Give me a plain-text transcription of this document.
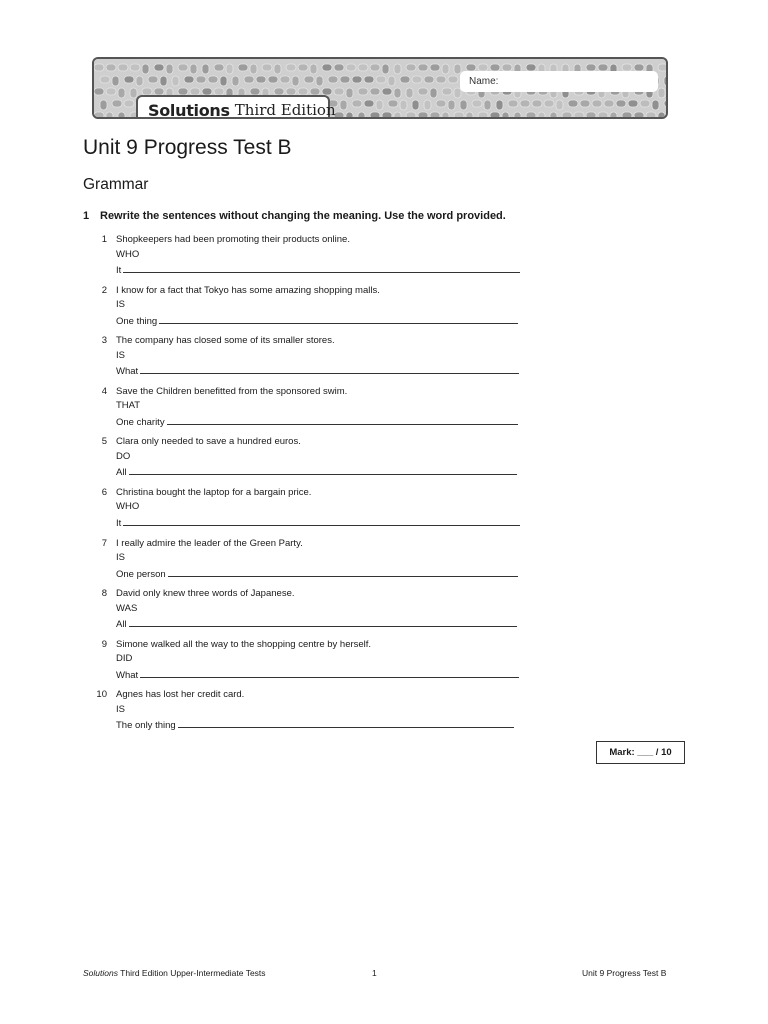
Solutions Third Edition
Name:
Unit 9 Progress Test B
Grammar
1 Rewrite the sentences without changing the meaning. Use the word provided.
1 Shopkeepers had been promoting their products online.
WHO
It
2 I know for a fact that Tokyo has some amazing shopping malls.
IS
One thing
3 The company has closed some of its smaller stores.
IS
What
4 Save the Children benefitted from the sponsored swim.
THAT
One charity
5 Clara only needed to save a hundred euros.
DO
All
6 Christina bought the laptop for a bargain price.
WHO
It
7 I really admire the leader of the Green Party.
IS
One person
8 David only knew three words of Japanese.
WAS
All
9 Simone walked all the way to the shopping centre by herself.
DID
What
10 Agnes has lost her credit card.
IS
The only thing
Mark: ___ / 10
Solutions Third Edition Upper-Intermediate Tests	1	Unit 9 Progress Test B
